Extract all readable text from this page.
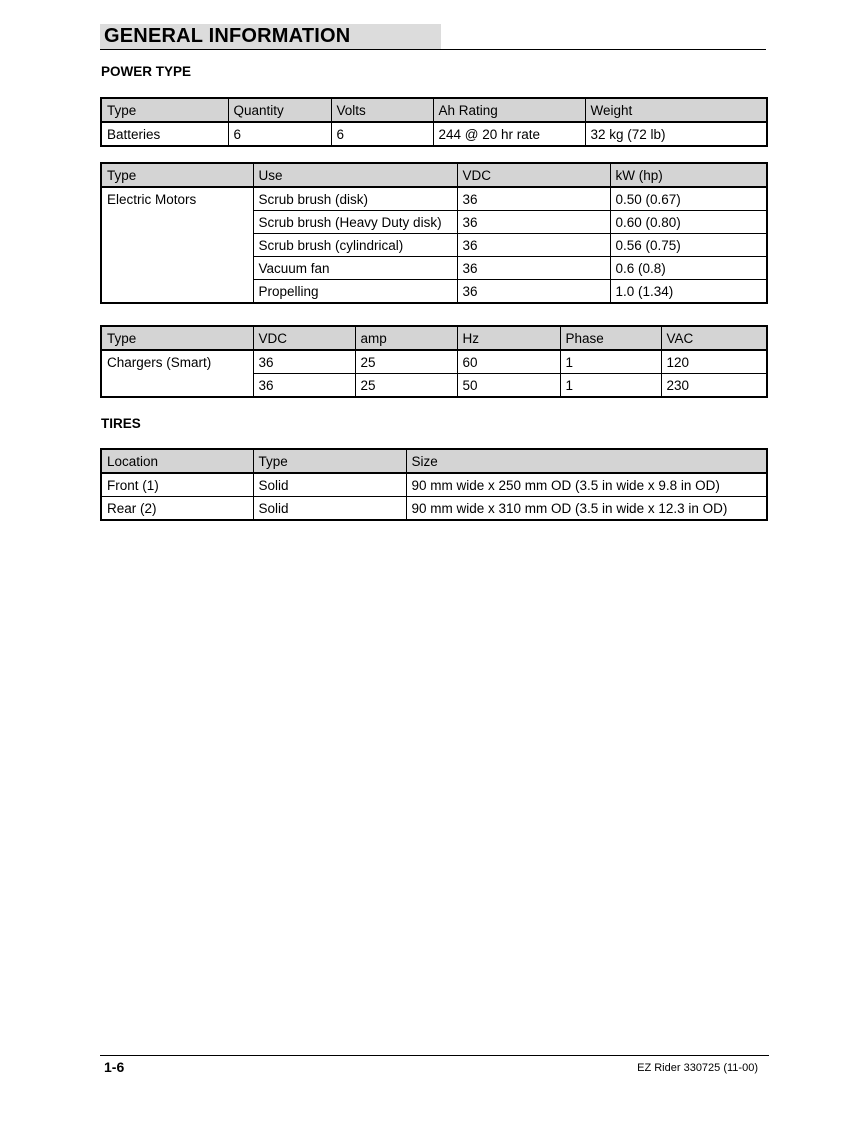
GENERAL INFORMATION
POWER TYPE
Type	Quantity	Volts	Ah Rating	Weight
Batteries	6	6	244 @ 20 hr rate	32 kg (72 lb)
Type	Use	VDC	kW (hp)
Electric Motors	Scrub brush (disk)	36	0.50 (0.67)
	Scrub brush (Heavy Duty disk)	36	0.60 (0.80)
	Scrub brush (cylindrical)	36	0.56 (0.75)
	Vacuum fan	36	0.6 (0.8)
	Propelling	36	1.0 (1.34)
Type	VDC	amp	Hz	Phase	VAC
Chargers (Smart)	36	25	60	1	120
	36	25	50	1	230
TIRES
Location	Type	Size
Front (1)	Solid	90 mm wide x 250 mm OD (3.5 in wide x 9.8 in OD)
Rear (2)	Solid	90 mm wide x 310 mm OD (3.5 in wide x 12.3 in OD)
1-6	EZ Rider 330725 (11-00)
